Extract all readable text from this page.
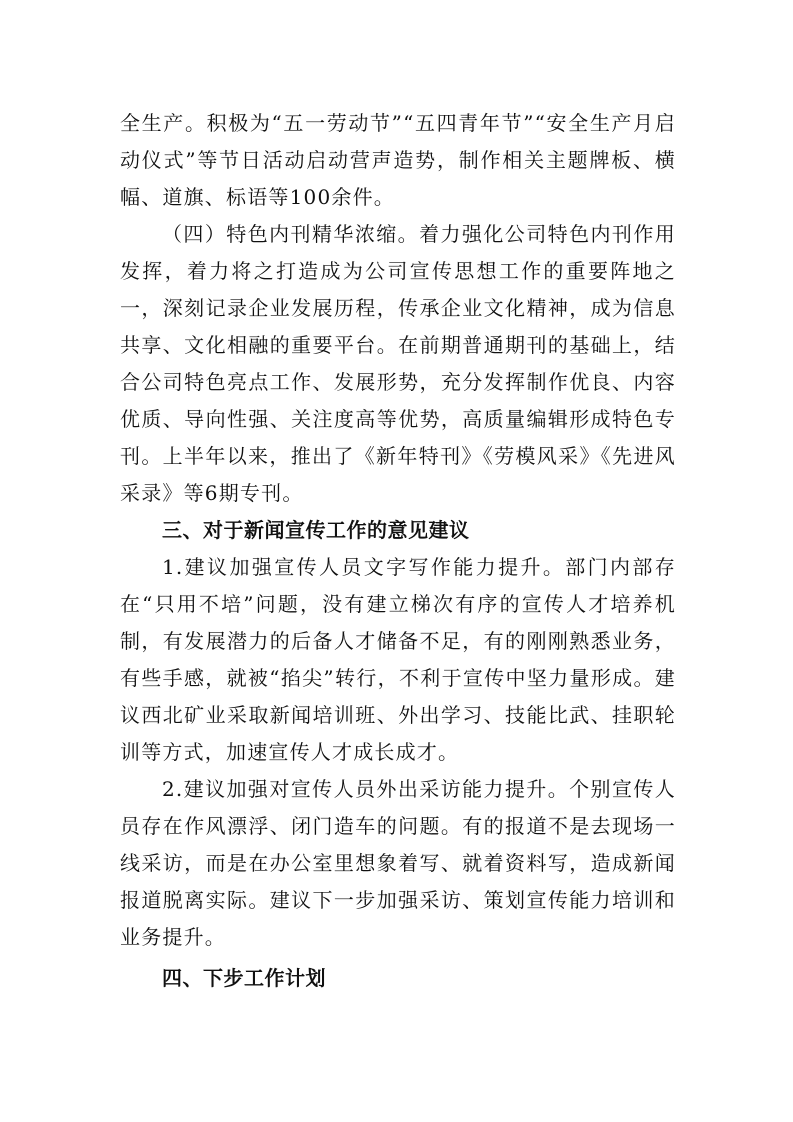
全生产。积极为“五一劳动节”“五四青年节”“安全生产月启动仪式”等节日活动启动营声造势，制作相关主题牌板、横幅、道旗、标语等100余件。

（四）特色内刊精华浓缩。着力强化公司特色内刊作用发挥，着力将之打造成为公司宣传思想工作的重要阵地之一，深刻记录企业发展历程，传承企业文化精神，成为信息共享、文化相融的重要平台。在前期普通期刊的基础上，结合公司特色亮点工作、发展形势，充分发挥制作优良、内容优质、导向性强、关注度高等优势，高质量编辑形成特色专刊。上半年以来，推出了《新年特刊》《劳模风采》《先进风采录》等6期专刊。

三、对于新闻宣传工作的意见建议

1.建议加强宣传人员文字写作能力提升。部门内部存在“只用不培”问题，没有建立梯次有序的宣传人才培养机制，有发展潜力的后备人才储备不足，有的刚刚熟悉业务，有些手感，就被“掐尖”转行，不利于宣传中坚力量形成。建议西北矿业采取新闻培训班、外出学习、技能比武、挂职轮训等方式，加速宣传人才成长成才。

2.建议加强对宣传人员外出采访能力提升。个别宣传人员存在作风漂浮、闭门造车的问题。有的报道不是去现场一线采访，而是在办公室里想象着写、就着资料写，造成新闻报道脱离实际。建议下一步加强采访、策划宣传能力培训和业务提升。

四、下步工作计划
